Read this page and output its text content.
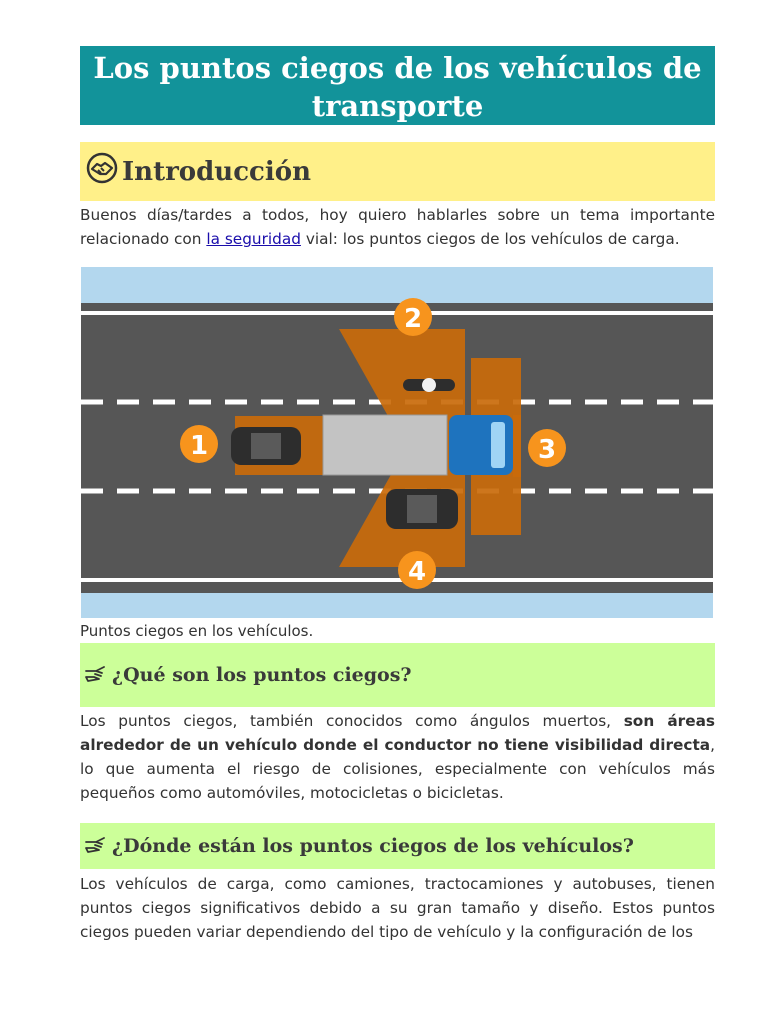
Los puntos ciegos de los vehículos de transporte
Introducción

Buenos días/tardes a todos, hoy quiero hablarles sobre un tema importante relacionado con la seguridad vial: los puntos ciegos de los vehículos de carga.

1
2
3
4
Puntos ciegos en los vehículos.
¿Qué son los puntos ciegos?

Los puntos ciegos, también conocidos como ángulos muertos, son áreas alrededor de un vehículo donde el conductor no tiene visibilidad directa, lo que aumenta el riesgo de colisiones, especialmente con vehículos más pequeños como automóviles, motocicletas o bicicletas.

¿Dónde están los puntos ciegos de los vehículos?

Los vehículos de carga, como camiones, tractocamiones y autobuses, tienen puntos ciegos significativos debido a su gran tamaño y diseño. Estos puntos ciegos pueden variar dependiendo del tipo de vehículo y la configuración de los
